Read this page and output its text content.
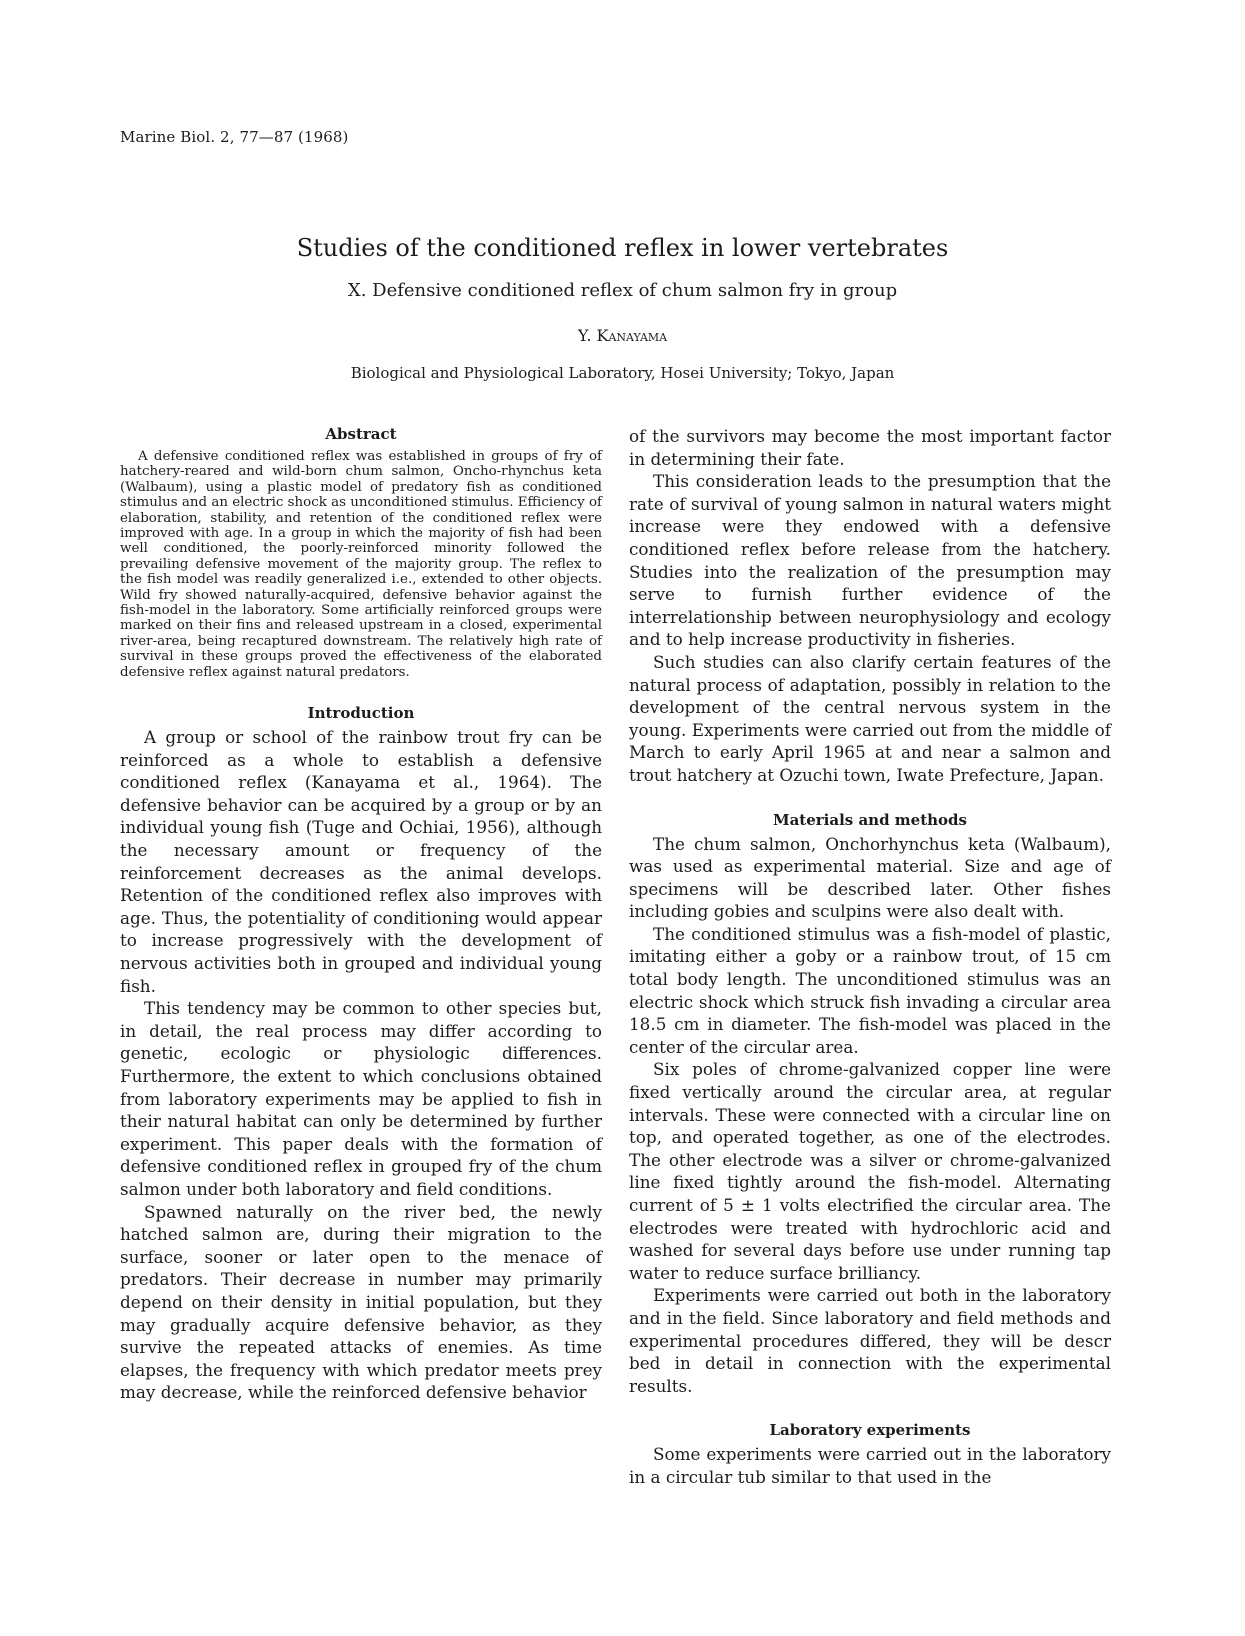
Marine Biol. 2, 77—87 (1968)
Studies of the conditioned reflex in lower vertebrates
X. Defensive conditioned reflex of chum salmon fry in group
Y. Kanayama
Biological and Physiological Laboratory, Hosei University; Tokyo, Japan
Abstract

A defensive conditioned reflex was established in groups of fry of hatchery-reared and wild-born chum salmon, Oncho-rhynchus keta (Walbaum), using a plastic model of predatory fish as conditioned stimulus and an electric shock as unconditioned stimulus. Efficiency of elaboration, stability, and retention of the conditioned reflex were improved with age. In a group in which the majority of fish had been well conditioned, the poorly-reinforced minority followed the prevailing defensive movement of the majority group. The reflex to the fish model was readily generalized i.e., extended to other objects. Wild fry showed naturally-acquired, defensive behavior against the fish-model in the laboratory. Some artificially reinforced groups were marked on their fins and released upstream in a closed, experimental river-area, being recaptured downstream. The relatively high rate of survival in these groups proved the effectiveness of the elaborated defensive reflex against natural predators.

Introduction

A group or school of the rainbow trout fry can be reinforced as a whole to establish a defensive conditioned reflex (Kanayama et al., 1964). The defensive behavior can be acquired by a group or by an individual young fish (Tuge and Ochiai, 1956), although the necessary amount or frequency of the reinforcement decreases as the animal develops. Retention of the conditioned reflex also improves with age. Thus, the potentiality of conditioning would appear to increase progressively with the development of nervous activities both in grouped and individual young fish.

This tendency may be common to other species but, in detail, the real process may differ according to genetic, ecologic or physiologic differences. Furthermore, the extent to which conclusions obtained from laboratory experiments may be applied to fish in their natural habitat can only be determined by further experiment. This paper deals with the formation of defensive conditioned reflex in grouped fry of the chum salmon under both laboratory and field conditions.

Spawned naturally on the river bed, the newly hatched salmon are, during their migration to the surface, sooner or later open to the menace of predators. Their decrease in number may primarily depend on their density in initial population, but they may gradually acquire defensive behavior, as they survive the repeated attacks of enemies. As time elapses, the frequency with which predator meets prey may decrease, while the reinforced defensive behavior

of the survivors may become the most important factor in determining their fate.

This consideration leads to the presumption that the rate of survival of young salmon in natural waters might increase were they endowed with a defensive conditioned reflex before release from the hatchery. Studies into the realization of the presumption may serve to furnish further evidence of the interrelationship between neurophysiology and ecology and to help increase productivity in fisheries.

Such studies can also clarify certain features of the natural process of adaptation, possibly in relation to the development of the central nervous system in the young. Experiments were carried out from the middle of March to early April 1965 at and near a salmon and trout hatchery at Ozuchi town, Iwate Prefecture, Japan.

Materials and methods

The chum salmon, Onchorhynchus keta (Walbaum), was used as experimental material. Size and age of specimens will be described later. Other fishes including gobies and sculpins were also dealt with.

The conditioned stimulus was a fish-model of plastic, imitating either a goby or a rainbow trout, of 15 cm total body length. The unconditioned stimulus was an electric shock which struck fish invading a circular area 18.5 cm in diameter. The fish-model was placed in the center of the circular area.

Six poles of chrome-galvanized copper line were fixed vertically around the circular area, at regular intervals. These were connected with a circular line on top, and operated together, as one of the electrodes. The other electrode was a silver or chrome-galvanized line fixed tightly around the fish-model. Alternating current of 5 ± 1 volts electrified the circular area. The electrodes were treated with hydrochloric acid and washed for several days before use under running tap water to reduce surface brilliancy.

Experiments were carried out both in the laboratory and in the field. Since laboratory and field methods and experimental procedures differed, they will be descr bed in detail in connection with the experimental results.

Laboratory experiments

Some experiments were carried out in the laboratory in a circular tub similar to that used in the
